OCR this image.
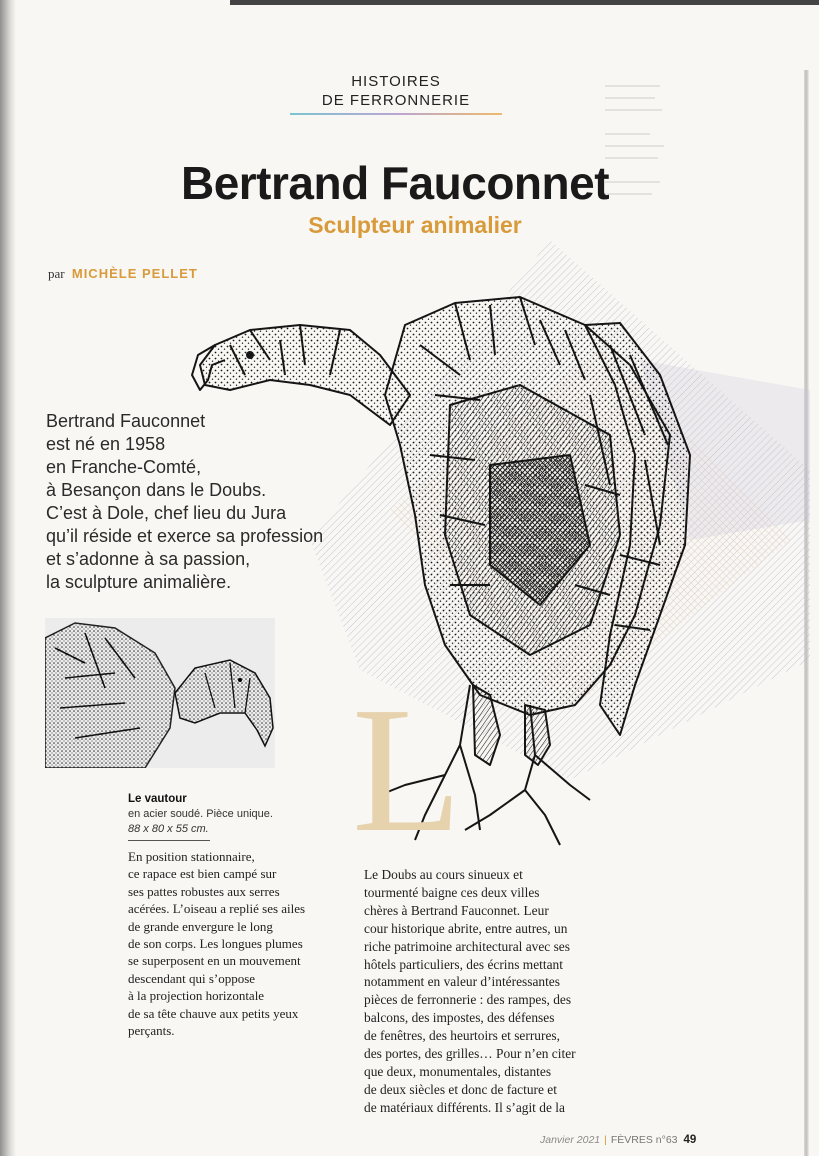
HISTOIRES
DE FERRONNERIE
Bertrand Fauconnet
Sculpteur animalier
par MICHÈLE PELLET
Bertrand Fauconnet
est né en 1958
en Franche-Comté,
à Besançon dans le Doubs.
C’est à Dole, chef lieu du Jura
qu’il réside et exerce sa profession
et s’adonne à sa passion,
la sculpture animalière.
Le vautour
en acier soudé. Pièce unique.
88 x 80 x 55 cm.
En position stationnaire,
ce rapace est bien campé sur
ses pattes robustes aux serres
acérées. L’oiseau a replié ses ailes
de grande envergure le long
de son corps. Les longues plumes
se superposent en un mouvement
descendant qui s’oppose
à la projection horizontale
de sa tête chauve aux petits yeux
perçants.
L
Le Doubs au cours sinueux et
tourmenté baigne ces deux villes
chères à Bertrand Fauconnet. Leur
cour historique abrite, entre autres, un
riche patrimoine architectural avec ses
hôtels particuliers, des écrins mettant
notamment en valeur d’intéressantes
pièces de ferronnerie : des rampes, des
balcons, des impostes, des défenses
de fenêtres, des heurtoirs et serrures,
des portes, des grilles… Pour n’en citer
que deux, monumentales, distantes
de deux siècles et donc de facture et
de matériaux différents. Il s’agit de la
Janvier 2021 | FÈVRES n°63 49
